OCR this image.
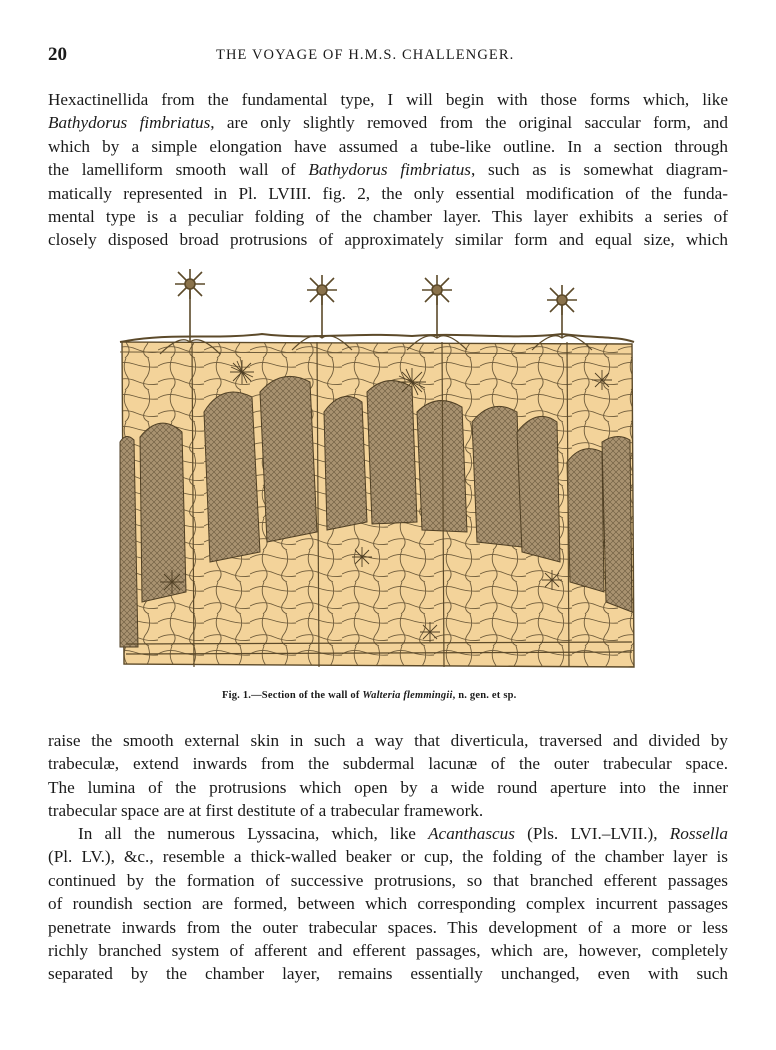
20	THE VOYAGE OF H.M.S. CHALLENGER.
Hexactinellida from the fundamental type, I will begin with those forms which, like
Bathydorus fimbriatus, are only slightly removed from the original saccular form, and
which by a simple elongation have assumed a tube-like outline. In a section through
the lamelliform smooth wall of Bathydorus fimbriatus, such as is somewhat diagram-
matically represented in Pl. LVIII. fig. 2, the only essential modification of the funda-
mental type is a peculiar folding of the chamber layer. This layer exhibits a series of
closely disposed broad protrusions of approximately similar form and equal size, which
Fig. 1.—Section of the wall of Walteria flemmingii, n. gen. et sp.
raise the smooth external skin in such a way that diverticula, traversed and divided by
trabeculæ, extend inwards from the subdermal lacunæ of the outer trabecular space.
The lumina of the protrusions which open by a wide round aperture into the inner
trabecular space are at first destitute of a trabecular framework.
In all the numerous Lyssacina, which, like Acanthascus (Pls. LVI.–LVII.), Rossella
(Pl. LV.), &c., resemble a thick-walled beaker or cup, the folding of the chamber layer is
continued by the formation of successive protrusions, so that branched efferent passages
of roundish section are formed, between which corresponding complex incurrent passages
penetrate inwards from the outer trabecular spaces. This development of a more or less
richly branched system of afferent and efferent passages, which are, however, completely
separated by the chamber layer, remains essentially unchanged, even with such
